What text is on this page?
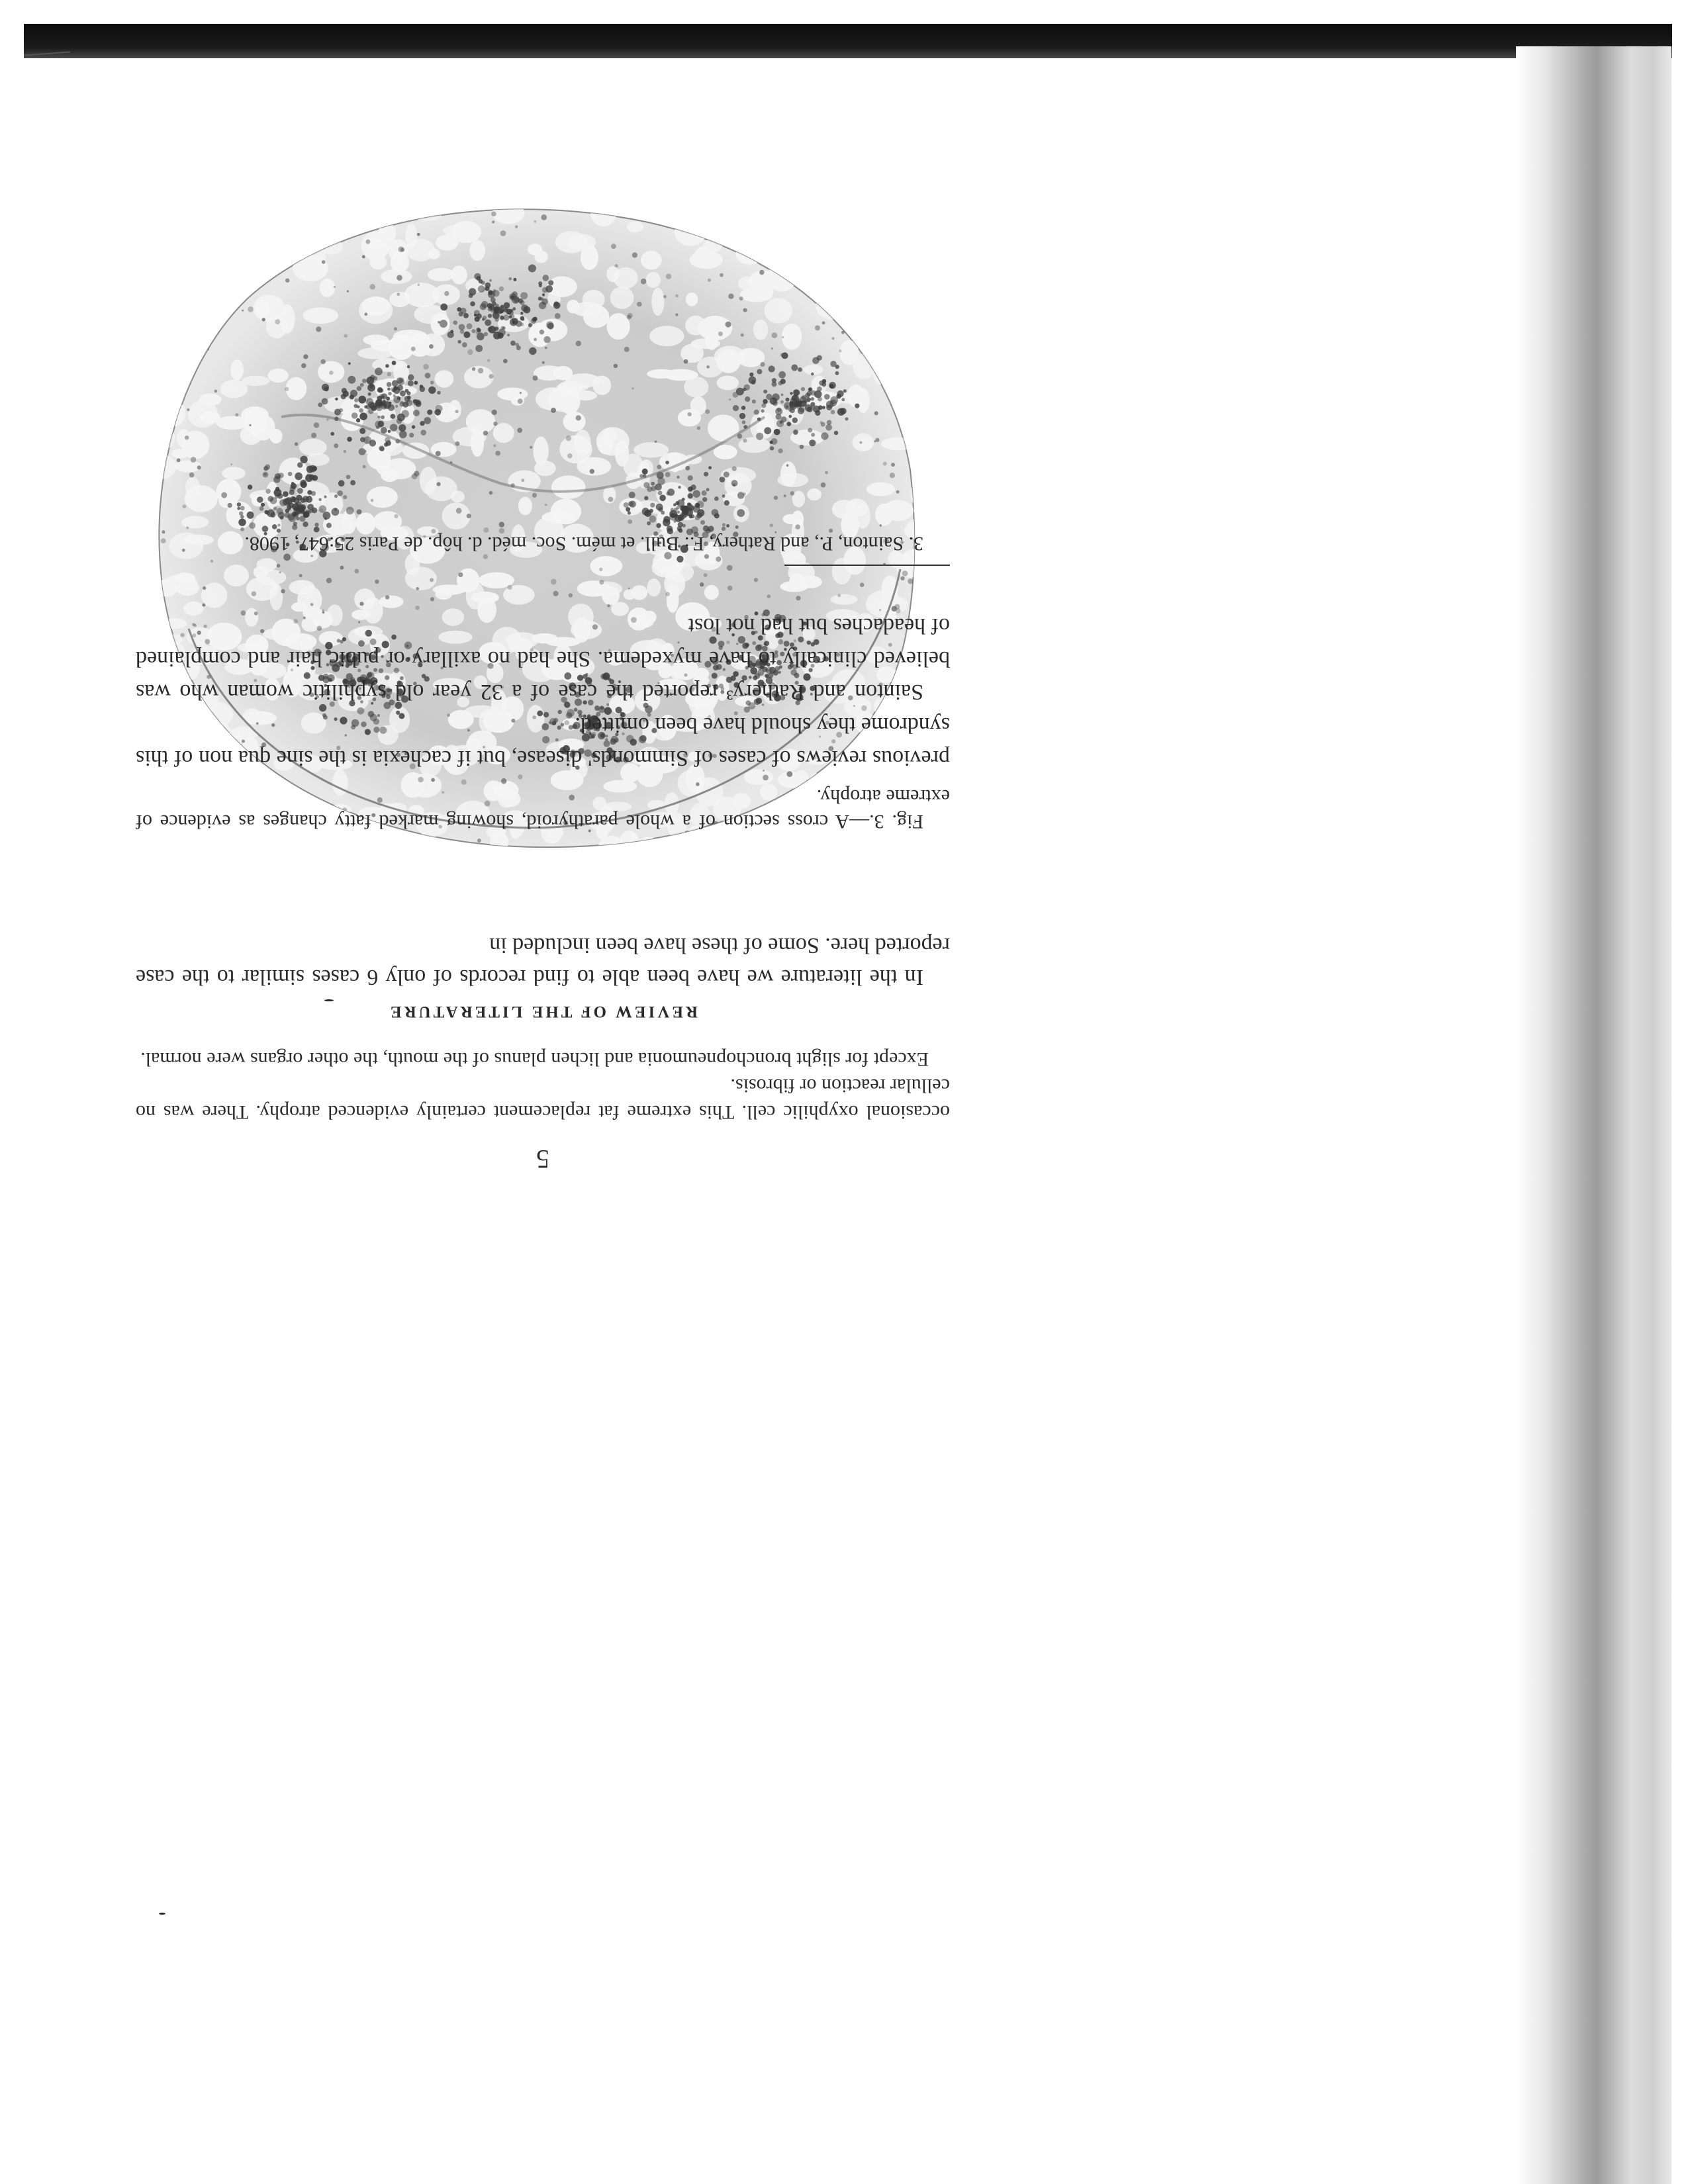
5

occasional oxyphilic cell. This extreme fat replacement certainly evidenced atrophy. There was no cellular reaction or fibrosis.

Except for slight bronchopneumonia and lichen planus of the mouth, the other organs were normal.

REVIEW OF THE LITERATURE

In the literature we have been able to find records of only 6 cases similar to the case reported here. Some of these have been included in

Fig. 3.—A cross section of a whole parathyroid, showing marked fatty changes as evidence of extreme atrophy.

previous reviews of cases of Simmonds' disease, but if cachexia is the sine qua non of this syndrome they should have been omitted.

Sainton and Rathery³ reported the case of a 32 year old syphilitic woman who was believed clinically to have myxedema. She had no axillary or pubic hair and complained of headaches but had not lost

3. Sainton, P., and Rathery, F.: Bull. et mém. Soc. méd. d. hôp. de Paris 25:647, 1908.
